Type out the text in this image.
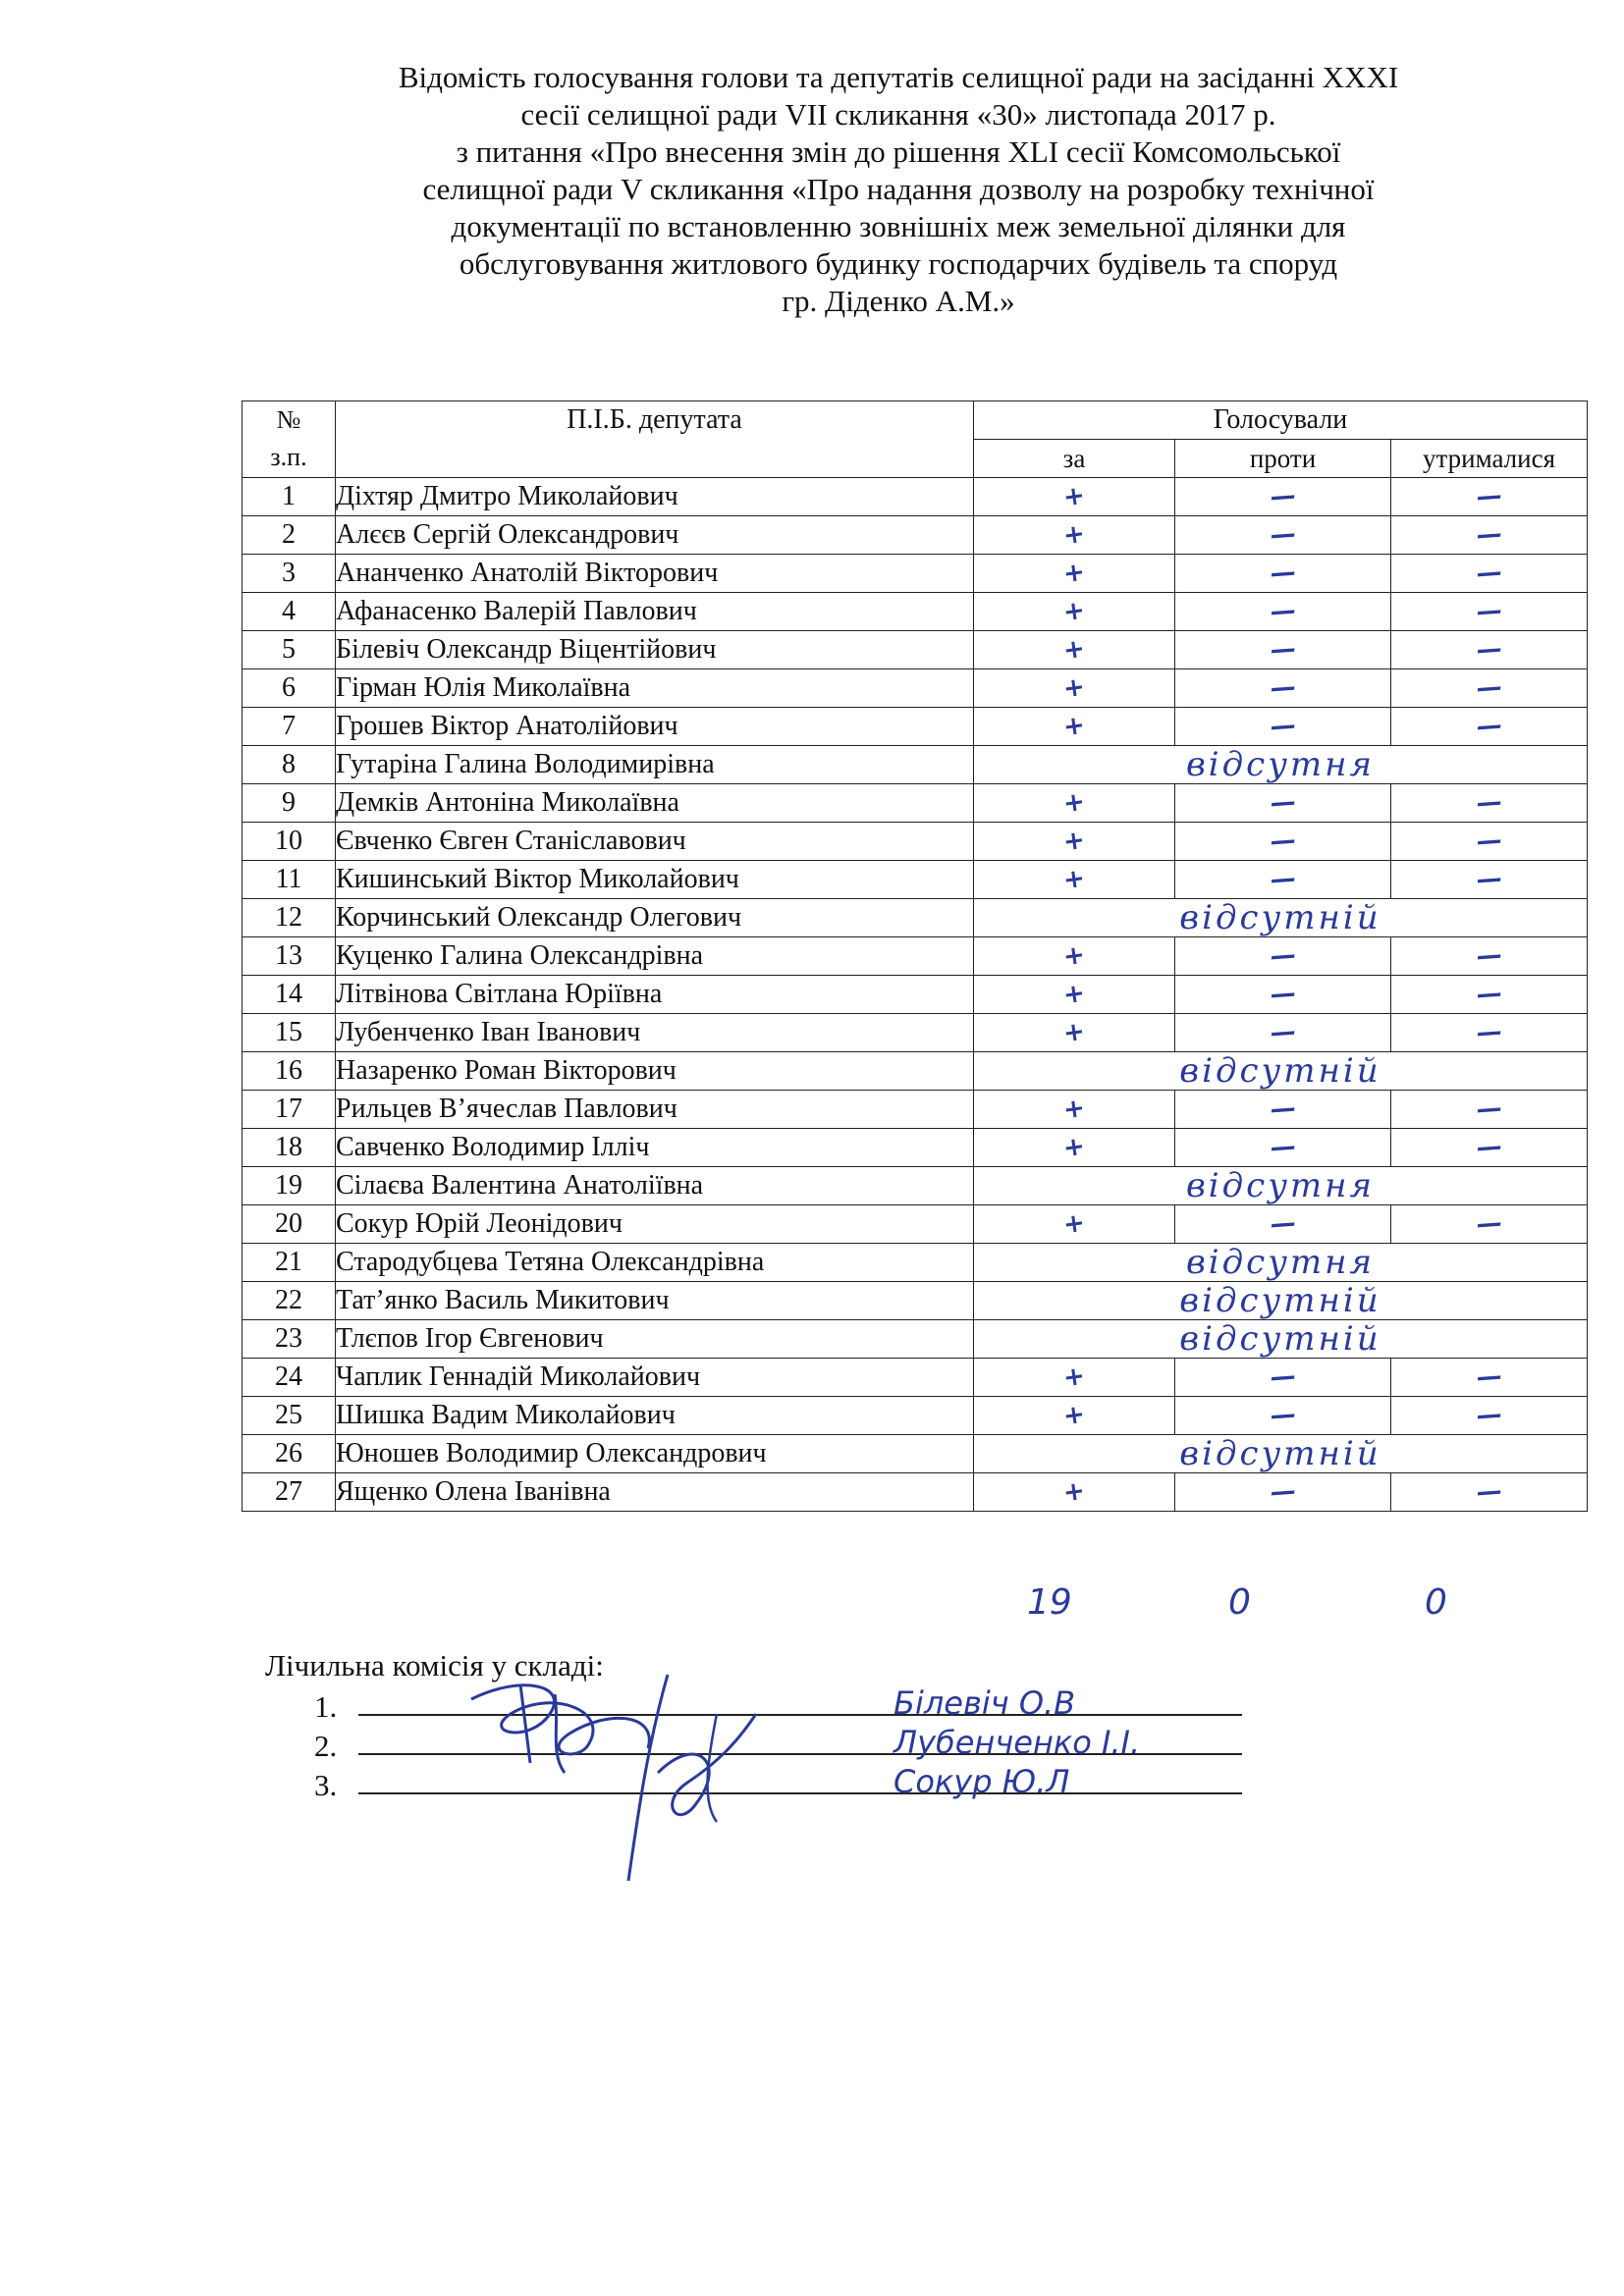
Відомість голосування голови та депутатів селищної ради на засіданні XXXI
сесії селищної ради VII скликання «30» листопада 2017 р.
з питання «Про внесення змін до рішення XLI сесії Комсомольської
селищної ради V скликання «Про надання дозволу на розробку технічної
документації по встановленню зовнішніх меж земельної ділянки для
обслуговування житлового будинку господарчих будівель та споруд
гр. Діденко А.М.»
№
з.п.	П.І.Б. депутата	Голосували		
		за	проти	утрималися
1	Діхтяр Дмитро Миколайович	+	—	—
2	Алєєв Сергій Олександрович	+	—	—
3	Ананченко Анатолій Вікторович	+	—	—
4	Афанасенко Валерій Павлович	+	—	—
5	Білевіч Олександр Віцентійович	+	—	—
6	Гірман Юлія Миколаївна	+	—	—
7	Грошев Віктор Анатолійович	+	—	—
8	Гутаріна Галина Володимирівна	відсутня		
9	Демків Антоніна Миколаївна	+	—	—
10	Євченко Євген Станіславович	+	—	—
11	Кишинський Віктор Миколайович	+	—	—
12	Корчинський Олександр Олегович	відсутній		
13	Куценко Галина Олександрівна	+	—	—
14	Літвінова Світлана Юріївна	+	—	—
15	Лубенченко Іван Іванович	+	—	—
16	Назаренко Роман Вікторович	відсутній		
17	Рильцев В’ячеслав Павлович	+	—	—
18	Савченко Володимир Ілліч	+	—	—
19	Сілаєва Валентина Анатоліївна	відсутня		
20	Сокур Юрій Леонідович	+	—	—
21	Стародубцева Тетяна Олександрівна	відсутня		
22	Тат’янко Василь Микитович	відсутній		
23	Тлєпов Ігор Євгенович	відсутній		
24	Чаплик Геннадій Миколайович	+	—	—
25	Шишка Вадим Миколайович	+	—	—
26	Юношев Володимир Олександрович	відсутній		
27	Ященко Олена Іванівна	+	—	—
19	0	0
Лічильна комісія у складі:
1.	Білевіч О.В
2.	Лубенченко І.І.
3.	Сокур Ю.Л
